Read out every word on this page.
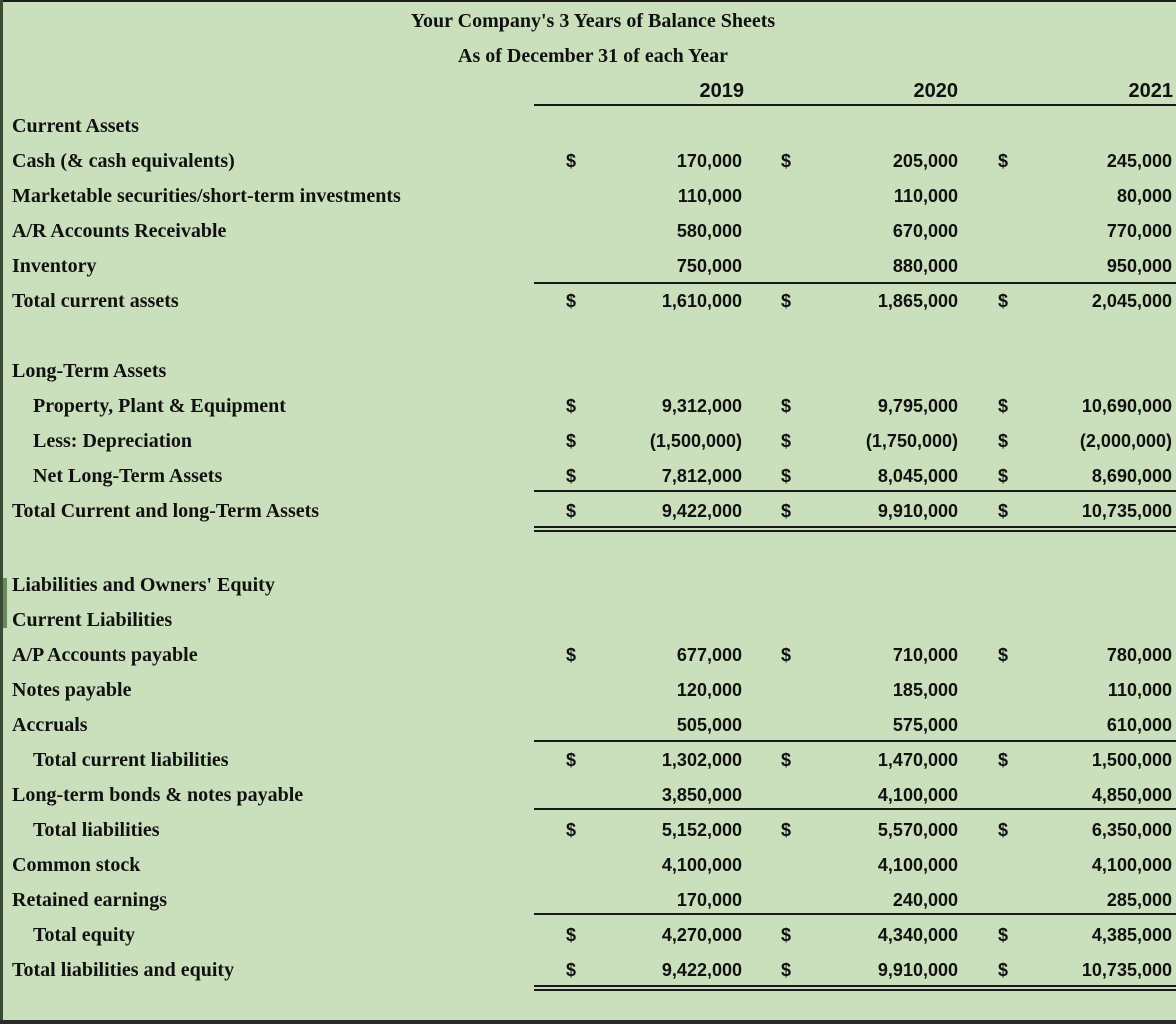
Your Company's 3 Years of Balance Sheets
As of December 31 of each Year
2019	2020	2021
Current Assets
Cash (& cash equivalents)	$	170,000 $	205,000 $	245,000
Marketable securities/short-term investments	110,000	110,000	80,000
A/R Accounts Receivable	580,000	670,000	770,000
Inventory	750,000	880,000	950,000
Total current assets	$	1,610,000 $	1,865,000 $	2,045,000
Long-Term Assets
Property, Plant & Equipment	$	9,312,000 $	9,795,000 $	10,690,000
Less: Depreciation	$	(1,500,000) $	(1,750,000) $	(2,000,000)
Net Long-Term Assets	$	7,812,000 $	8,045,000 $	8,690,000
Total Current and long-Term Assets	$	9,422,000 $	9,910,000 $	10,735,000
Liabilities and Owners' Equity
Current Liabilities
A/P Accounts payable	$	677,000 $	710,000 $	780,000
Notes payable	120,000	185,000	110,000
Accruals	505,000	575,000	610,000
Total current liabilities	$	1,302,000 $	1,470,000 $	1,500,000
Long-term bonds & notes payable	3,850,000	4,100,000	4,850,000
Total liabilities	$	5,152,000 $	5,570,000 $	6,350,000
Common stock	4,100,000	4,100,000	4,100,000
Retained earnings	170,000	240,000	285,000
Total equity	$	4,270,000 $	4,340,000 $	4,385,000
Total liabilities and equity	$	9,422,000 $	9,910,000 $	10,735,000
